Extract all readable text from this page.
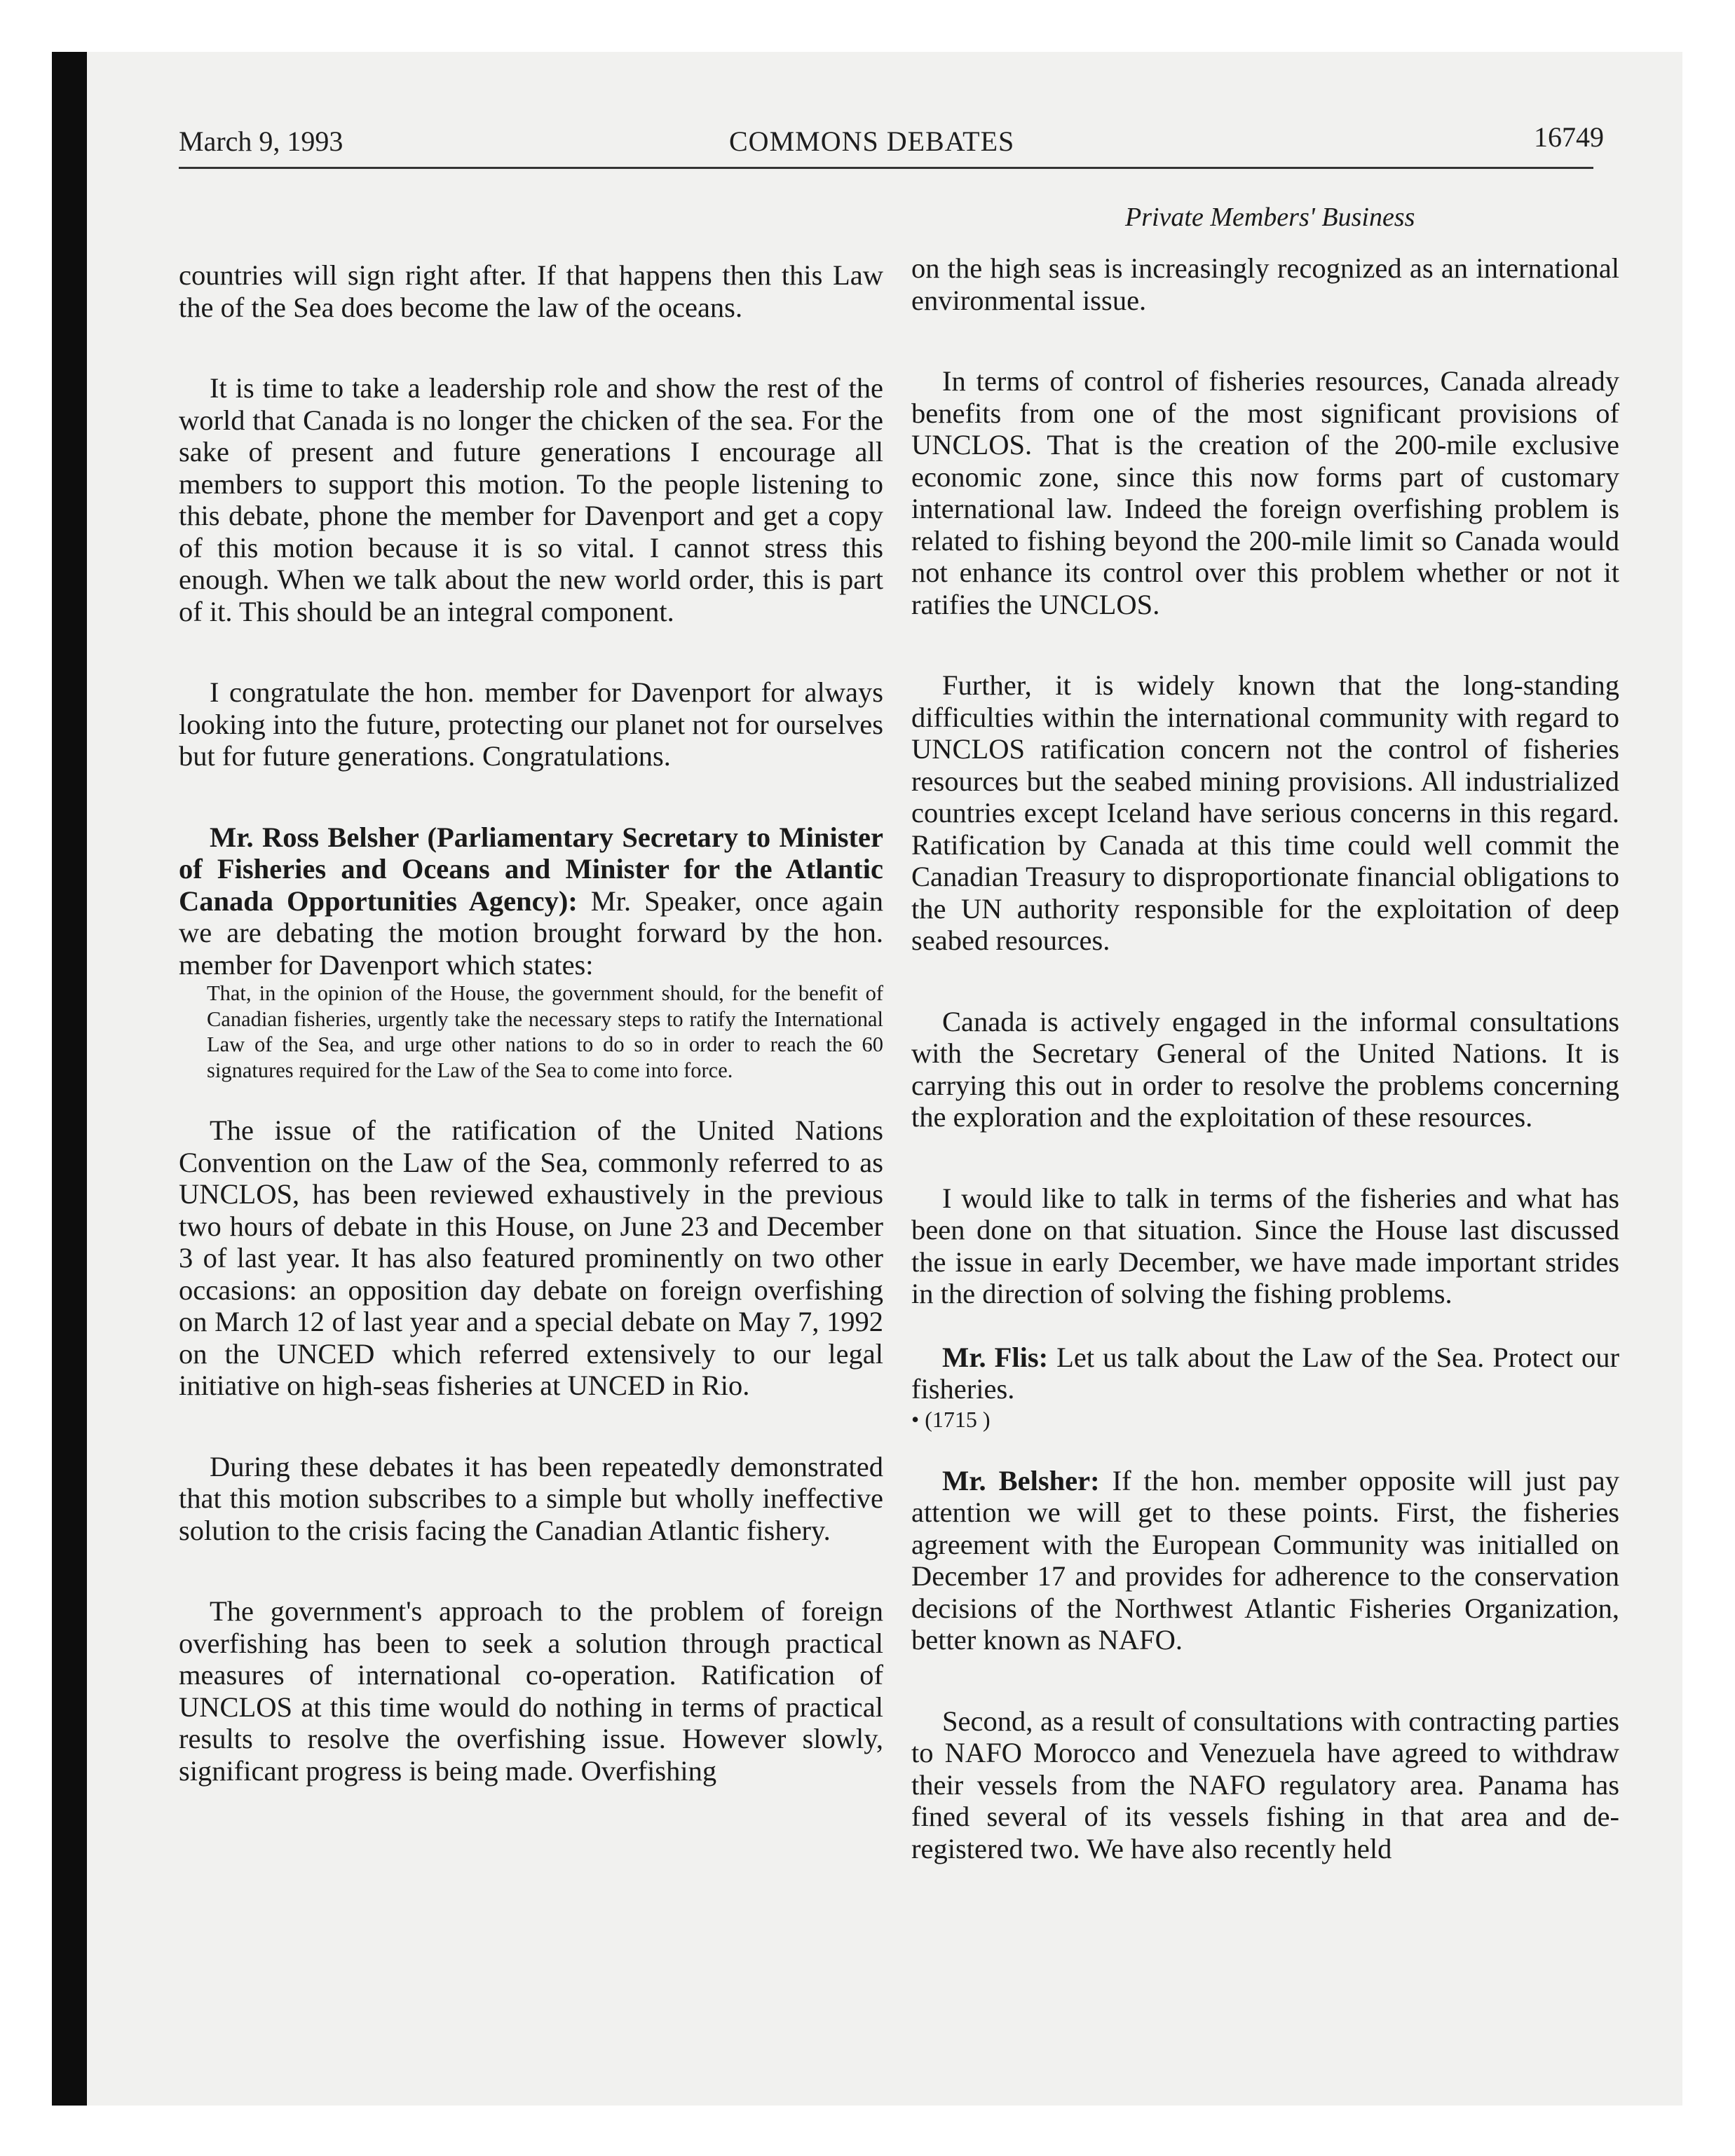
March 9, 1993	COMMONS DEBATES	16749
Private Members' Business

countries will sign right after. If that happens then this Law the of the Sea does become the law of the oceans.

It is time to take a leadership role and show the rest of the world that Canada is no longer the chicken of the sea. For the sake of present and future generations I encourage all members to support this motion. To the people listening to this debate, phone the member for Davenport and get a copy of this motion because it is so vital. I cannot stress this enough. When we talk about the new world order, this is part of it. This should be an integral component.

I congratulate the hon. member for Davenport for always looking into the future, protecting our planet not for ourselves but for future generations. Congratulations.

Mr. Ross Belsher (Parliamentary Secretary to Minister of Fisheries and Oceans and Minister for the Atlantic Canada Opportunities Agency): Mr. Speaker, once again we are debating the motion brought forward by the hon. member for Davenport which states:

That, in the opinion of the House, the government should, for the benefit of Canadian fisheries, urgently take the necessary steps to ratify the International Law of the Sea, and urge other nations to do so in order to reach the 60 signatures required for the Law of the Sea to come into force.

The issue of the ratification of the United Nations Convention on the Law of the Sea, commonly referred to as UNCLOS, has been reviewed exhaustively in the previous two hours of debate in this House, on June 23 and December 3 of last year. It has also featured prominently on two other occasions: an opposition day debate on foreign overfishing on March 12 of last year and a special debate on May 7, 1992 on the UNCED which referred extensively to our legal initiative on high-seas fisheries at UNCED in Rio.

During these debates it has been repeatedly demonstrated that this motion subscribes to a simple but wholly ineffective solution to the crisis facing the Canadian Atlantic fishery.

The government's approach to the problem of foreign overfishing has been to seek a solution through practical measures of international co-operation. Ratification of UNCLOS at this time would do nothing in terms of practical results to resolve the overfishing issue. However slowly, significant progress is being made. Overfishing

on the high seas is increasingly recognized as an international environmental issue.

In terms of control of fisheries resources, Canada already benefits from one of the most significant provisions of UNCLOS. That is the creation of the 200-mile exclusive economic zone, since this now forms part of customary international law. Indeed the foreign overfishing problem is related to fishing beyond the 200-mile limit so Canada would not enhance its control over this problem whether or not it ratifies the UNCLOS.

Further, it is widely known that the long-standing difficulties within the international community with regard to UNCLOS ratification concern not the control of fisheries resources but the seabed mining provisions. All industrialized countries except Iceland have serious concerns in this regard. Ratification by Canada at this time could well commit the Canadian Treasury to disproportionate financial obligations to the UN authority responsible for the exploitation of deep seabed resources.

Canada is actively engaged in the informal consultations with the Secretary General of the United Nations. It is carrying this out in order to resolve the problems concerning the exploration and the exploitation of these resources.

I would like to talk in terms of the fisheries and what has been done on that situation. Since the House last discussed the issue in early December, we have made important strides in the direction of solving the fishing problems.

Mr. Flis: Let us talk about the Law of the Sea. Protect our fisheries.

• (1715 )

Mr. Belsher: If the hon. member opposite will just pay attention we will get to these points. First, the fisheries agreement with the European Community was initialled on December 17 and provides for adherence to the conservation decisions of the Northwest Atlantic Fisheries Organization, better known as NAFO.

Second, as a result of consultations with contracting parties to NAFO Morocco and Venezuela have agreed to withdraw their vessels from the NAFO regulatory area. Panama has fined several of its vessels fishing in that area and de-registered two. We have also recently held
